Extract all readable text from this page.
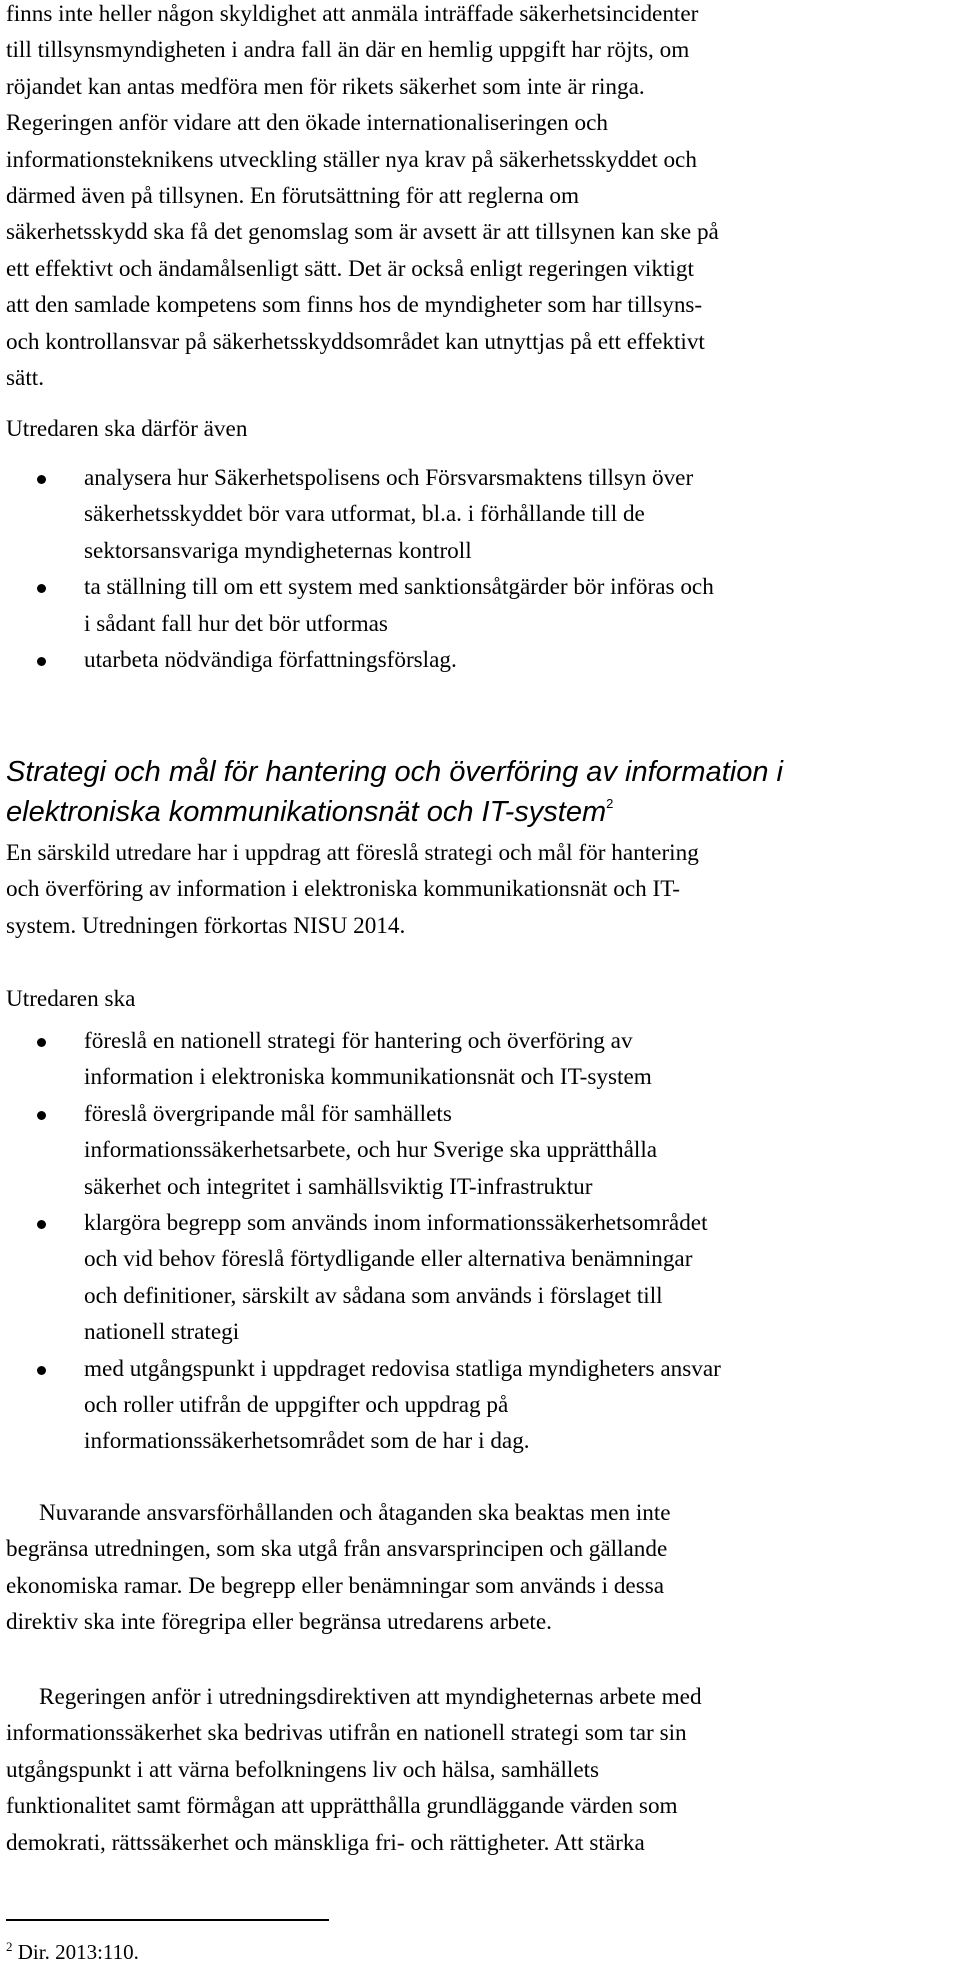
finns inte heller någon skyldighet att anmäla inträffade säkerhetsincidenter
till tillsynsmyndigheten i andra fall än där en hemlig uppgift har röjts, om
röjandet kan antas medföra men för rikets säkerhet som inte är ringa.
Regeringen anför vidare att den ökade internationaliseringen och
informationsteknikens utveckling ställer nya krav på säkerhetsskyddet och
därmed även på tillsynen. En förutsättning för att reglerna om
säkerhetsskydd ska få det genomslag som är avsett är att tillsynen kan ske på
ett effektivt och ändamålsenligt sätt. Det är också enligt regeringen viktigt
att den samlade kompetens som finns hos de myndigheter som har tillsyns-
och kontrollansvar på säkerhetsskyddsområdet kan utnyttjas på ett effektivt
sätt.
Utredaren ska därför även
analysera hur Säkerhetspolisens och Försvarsmaktens tillsyn över
säkerhetsskyddet bör vara utformat, bl.a. i förhållande till de
sektorsansvariga myndigheternas kontroll
ta ställning till om ett system med sanktionsåtgärder bör införas och
i sådant fall hur det bör utformas
utarbeta nödvändiga författningsförslag.
Strategi och mål för hantering och överföring av information i
elektroniska kommunikationsnät och IT-system$^2$
En särskild utredare har i uppdrag att föreslå strategi och mål för hantering
och överföring av information i elektroniska kommunikationsnät och IT-
system. Utredningen förkortas NISU 2014.
Utredaren ska
föreslå en nationell strategi för hantering och överföring av
information i elektroniska kommunikationsnät och IT-system
föreslå övergripande mål för samhällets
informationssäkerhetsarbete, och hur Sverige ska upprätthålla
säkerhet och integritet i samhällsviktig IT-infrastruktur
klargöra begrepp som används inom informationssäkerhetsområdet
och vid behov föreslå förtydligande eller alternativa benämningar
och definitioner, särskilt av sådana som används i förslaget till
nationell strategi
med utgångspunkt i uppdraget redovisa statliga myndigheters ansvar
och roller utifrån de uppgifter och uppdrag på
informationssäkerhetsområdet som de har i dag.
Nuvarande ansvarsförhållanden och åtaganden ska beaktas men inte
begränsa utredningen, som ska utgå från ansvarsprincipen och gällande
ekonomiska ramar. De begrepp eller benämningar som används i dessa
direktiv ska inte föregripa eller begränsa utredarens arbete.
Regeringen anför i utredningsdirektiven att myndigheternas arbete med
informationssäkerhet ska bedrivas utifrån en nationell strategi som tar sin
utgångspunkt i att värna befolkningens liv och hälsa, samhällets
funktionalitet samt förmågan att upprätthålla grundläggande värden som
demokrati, rättssäkerhet och mänskliga fri- och rättigheter. Att stärka
$^2$ Dir. 2013:110.
